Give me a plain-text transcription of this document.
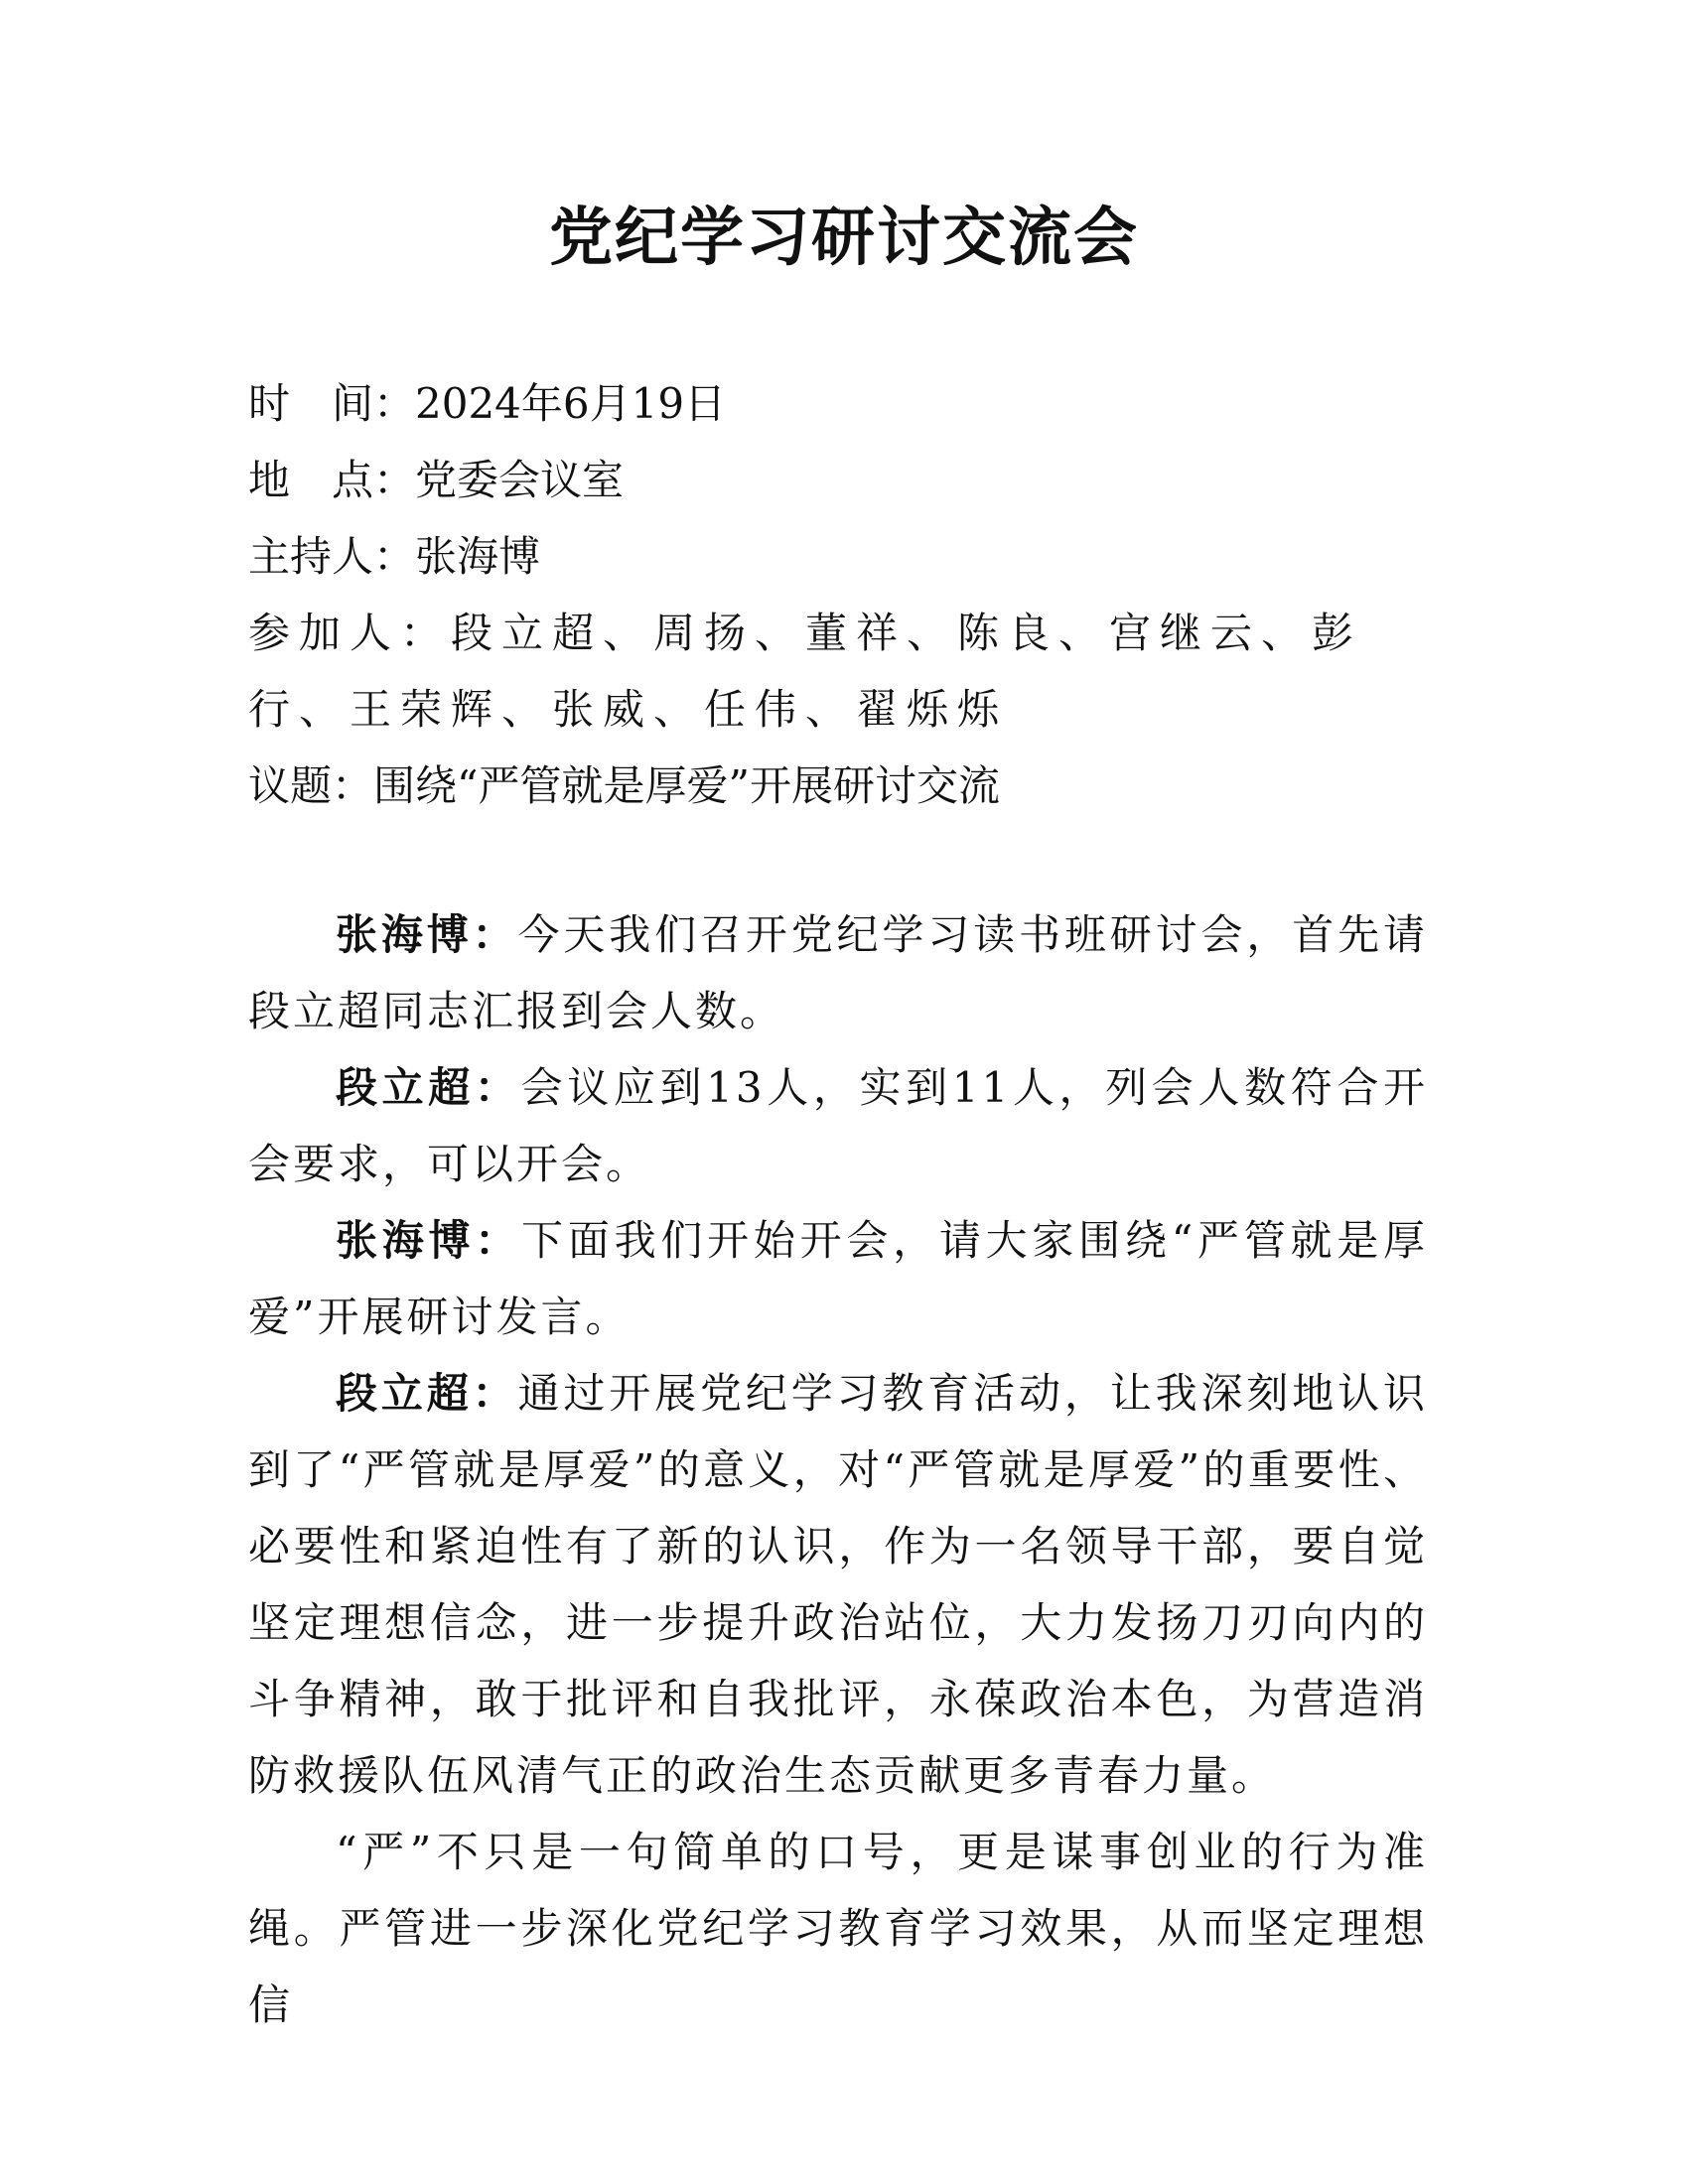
党纪学习研讨交流会
时　间：2024年6月19日
地　点：党委会议室
主持人：张海博
参加人：段立超、周扬、董祥、陈良、宫继云、彭行、王荣辉、张威、任伟、翟烁烁
议题：围绕“严管就是厚爱”开展研讨交流

张海博：今天我们召开党纪学习读书班研讨会，首先请段立超同志汇报到会人数。

段立超：会议应到13人，实到11人，列会人数符合开会要求，可以开会。

张海博：下面我们开始开会，请大家围绕“严管就是厚爱”开展研讨发言。

段立超：通过开展党纪学习教育活动，让我深刻地认识到了“严管就是厚爱”的意义，对“严管就是厚爱”的重要性、必要性和紧迫性有了新的认识，作为一名领导干部，要自觉坚定理想信念，进一步提升政治站位，大力发扬刀刃向内的斗争精神，敢于批评和自我批评，永葆政治本色，为营造消防救援队伍风清气正的政治生态贡献更多青春力量。

“严”不只是一句简单的口号，更是谋事创业的行为准绳。严管进一步深化党纪学习教育学习效果，从而坚定理想信
